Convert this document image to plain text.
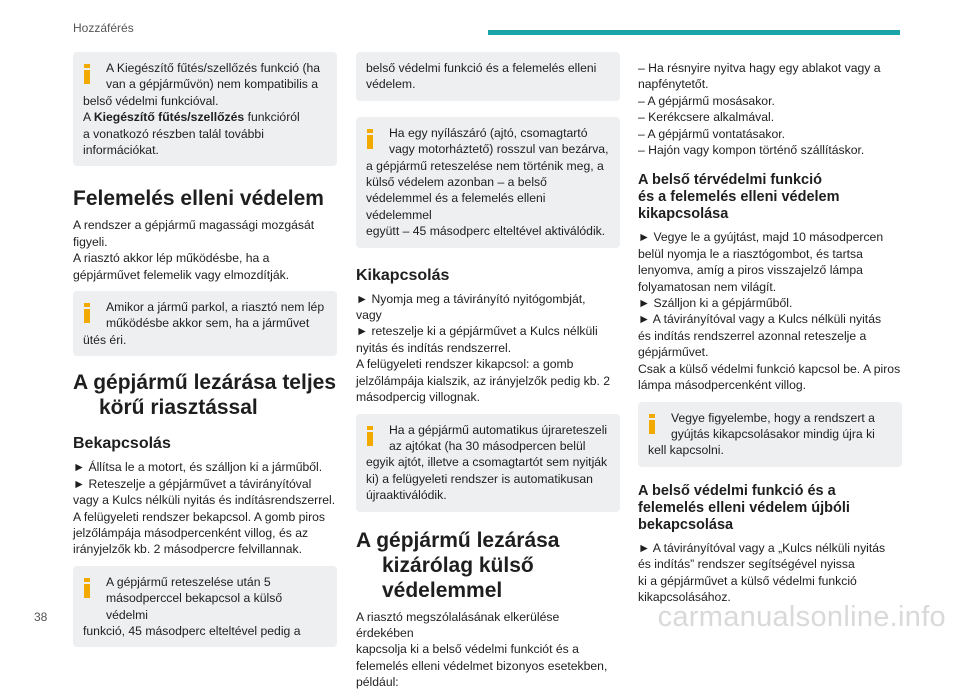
Hozzáférés

A Kiegészítő fűtés/szellőzés funkció (ha

van a gépjárművön) nem kompatibilis a

belső védelmi funkcióval.

A Kiegészítő fűtés/szellőzés funkcióról

a vonatkozó részben talál további

információkat.

Felemelés elleni védelem

A rendszer a gépjármű magassági mozgását

figyeli.

A riasztó akkor lép működésbe, ha a

gépjárművet felemelik vagy elmozdítják.

Amikor a jármű parkol, a riasztó nem lép

működésbe akkor sem, ha a járművet

ütés éri.

A gépjármű lezárása teljes
körű riasztással
Bekapcsolás

► Állítsa le a motort, és szálljon ki a járműből.

► Reteszelje a gépjárművet a távirányítóval

vagy a Kulcs nélküli nyitás és indításrendszerrel.

A felügyeleti rendszer bekapcsol. A gomb piros

jelzőlámpája másodpercenként villog, és az

irányjelzők kb. 2 másodpercre felvillannak.

A gépjármű reteszelése után 5

másodperccel bekapcsol a külső védelmi

funkció, 45 másodperc elteltével pedig a

belső védelmi funkció és a felemelés elleni

védelem.

Ha egy nyílászáró (ajtó, csomagtartó

vagy motorháztető) rosszul van bezárva,

a gépjármű reteszelése nem történik meg, a

külső védelem azonban – a belső

védelemmel és a felemelés elleni védelemmel

együtt – 45 másodperc elteltével aktiválódik.

Kikapcsolás

► Nyomja meg a távirányító nyitógombját,

vagy

► reteszelje ki a gépjárművet a Kulcs nélküli

nyitás és indítás rendszerrel.

A felügyeleti rendszer kikapcsol: a gomb

jelzőlámpája kialszik, az irányjelzők pedig kb. 2

másodpercig villognak.

Ha a gépjármű automatikus újrareteszeli

az ajtókat (ha 30 másodpercen belül

egyik ajtót, illetve a csomagtartót sem nyitják

ki) a felügyeleti rendszer is automatikusan

újraaktiválódik.

A gépjármű lezárása
kizárólag külső védelemmel

A riasztó megszólalásának elkerülése érdekében

kapcsolja ki a belső védelmi funkciót és a

felemelés elleni védelmet bizonyos esetekben,

például:

– Ha résnyire nyitva hagy egy ablakot vagy a

napfénytetőt.

– A gépjármű mosásakor.

– Kerékcsere alkalmával.

– A gépjármű vontatásakor.

– Hajón vagy kompon történő szállításkor.

A belső térvédelmi funkció
és a felemelés elleni védelem
kikapcsolása

► Vegye le a gyújtást, majd 10 másodpercen

belül nyomja le a riasztógombot, és tartsa

lenyomva, amíg a piros visszajelző lámpa

folyamatosan nem világít.

► Szálljon ki a gépjárműből.

► A távirányítóval vagy a Kulcs nélküli nyitás

és indítás rendszerrel azonnal reteszelje a

gépjárművet.

Csak a külső védelmi funkció kapcsol be. A piros

lámpa másodpercenként villog.

Vegye figyelembe, hogy a rendszert a

gyújtás kikapcsolásakor mindig újra ki

kell kapcsolni.

A belső védelmi funkció és a
felemelés elleni védelem újbóli
bekapcsolása

► A távirányítóval vagy a „Kulcs nélküli nyitás

és indítás” rendszer segítségével nyissa

ki a gépjárművet a külső védelmi funkció

kikapcsolásához.

38	carmanualsonline.info
